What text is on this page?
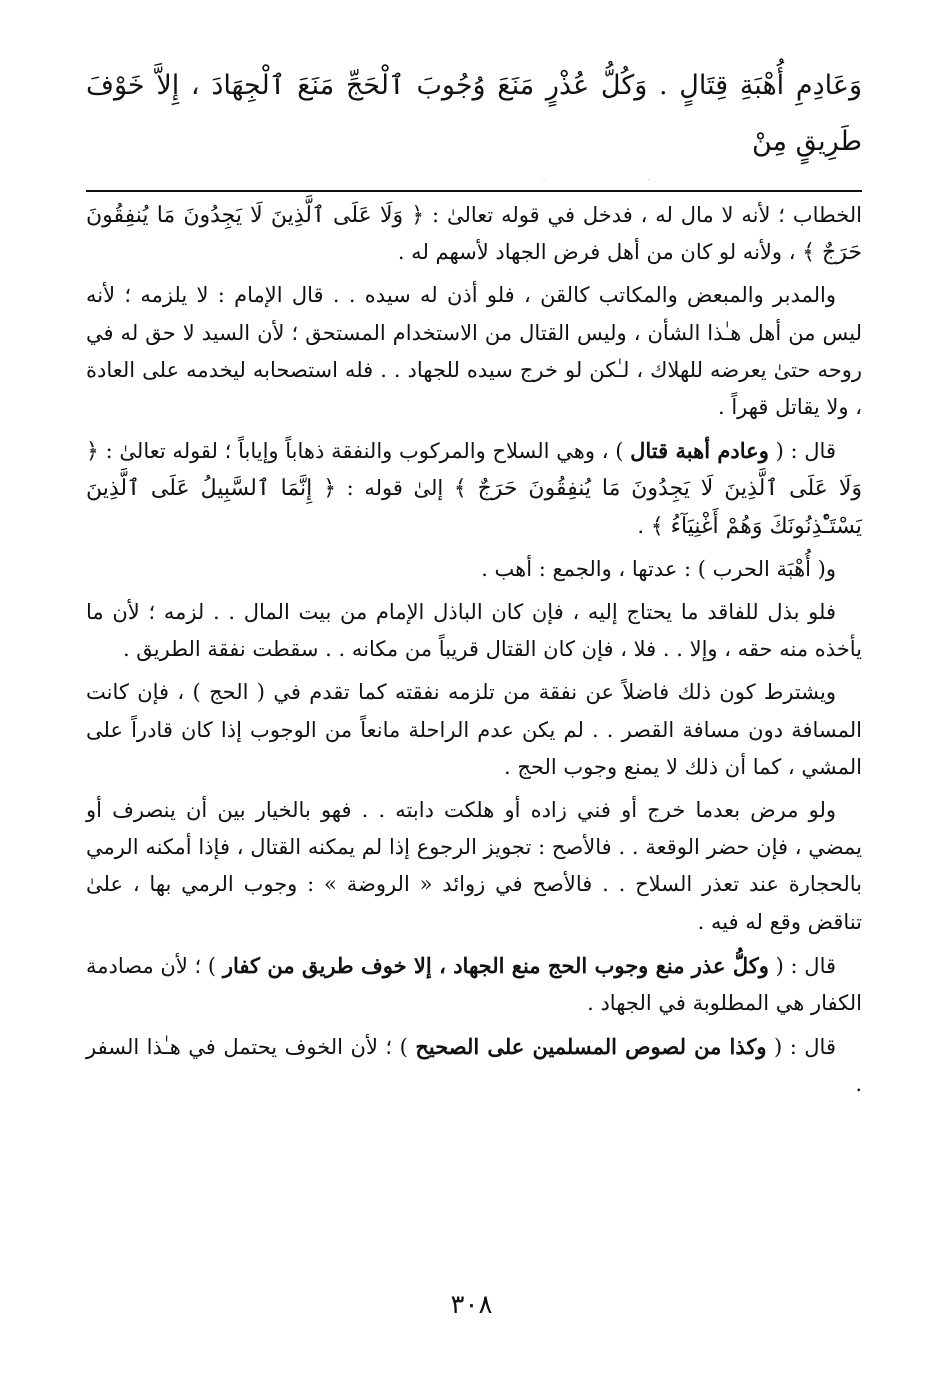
وَعَادِمِ أُهْبَةِ قِتَالٍ . وَكُلُّ عُذْرٍ مَنَعَ وُجُوبَ ٱلْحَجِّ مَنَعَ ٱلْجِهَادَ ، إِلاَّ خَوْفَ طَرِيقٍ مِنْ

الخطاب ؛ لأنه لا مال له ، فدخل في قوله تعالىٰ : ﴿ وَلَا عَلَى ٱلَّذِينَ لَا يَجِدُونَ مَا يُنفِقُونَ حَرَجٌ ﴾ ، ولأنه لو كان من أهل فرض الجهاد لأسهم له .

والمدبر والمبعض والمكاتب كالقن ، فلو أذن له سيده . . قال الإمام : لا يلزمه ؛ لأنه ليس من أهل هـٰذا الشأن ، وليس القتال من الاستخدام المستحق ؛ لأن السيد لا حق له في روحه حتىٰ يعرضه للهلاك ، لـٰكن لو خرج سيده للجهاد . . فله استصحابه ليخدمه على العادة ، ولا يقاتل قهراً .

قال : ( وعادم أهبة قتال ) ، وهي السلاح والمركوب والنفقة ذهاباً وإياباً ؛ لقوله تعالىٰ : ﴿ وَلَا عَلَى ٱلَّذِينَ لَا يَجِدُونَ مَا يُنفِقُونَ حَرَجٌ ﴾ إلىٰ قوله : ﴿ إِنَّمَا ٱلسَّبِيلُ عَلَى ٱلَّذِينَ يَسْتَـْٔذِنُونَكَ وَهُمْ أَغْنِيَآءُ ﴾ .

و( أُهْبَة الحرب ) : عدتها ، والجمع : أهب .

فلو بذل للفاقد ما يحتاج إليه ، فإن كان الباذل الإمام من بيت المال . . لزمه ؛ لأن ما يأخذه منه حقه ، وإلا . . فلا ، فإن كان القتال قريباً من مكانه . . سقطت نفقة الطريق .

ويشترط كون ذلك فاضلاً عن نفقة من تلزمه نفقته كما تقدم في ( الحج ) ، فإن كانت المسافة دون مسافة القصر . . لم يكن عدم الراحلة مانعاً من الوجوب إذا كان قادراً على المشي ، كما أن ذلك لا يمنع وجوب الحج .

ولو مرض بعدما خرج أو فني زاده أو هلكت دابته . . فهو بالخيار بين أن ينصرف أو يمضي ، فإن حضر الوقعة . . فالأصح : تجويز الرجوع إذا لم يمكنه القتال ، فإذا أمكنه الرمي بالحجارة عند تعذر السلاح . . فالأصح في زوائد « الروضة » : وجوب الرمي بها ، علىٰ تناقض وقع له فيه .

قال : ( وكلُّ عذر منع وجوب الحج منع الجهاد ، إلا خوف طريق من كفار ) ؛ لأن مصادمة الكفار هي المطلوبة في الجهاد .

قال : ( وكذا من لصوص المسلمين على الصحيح ) ؛ لأن الخوف يحتمل في هـٰذا السفر .

٣٠٨
